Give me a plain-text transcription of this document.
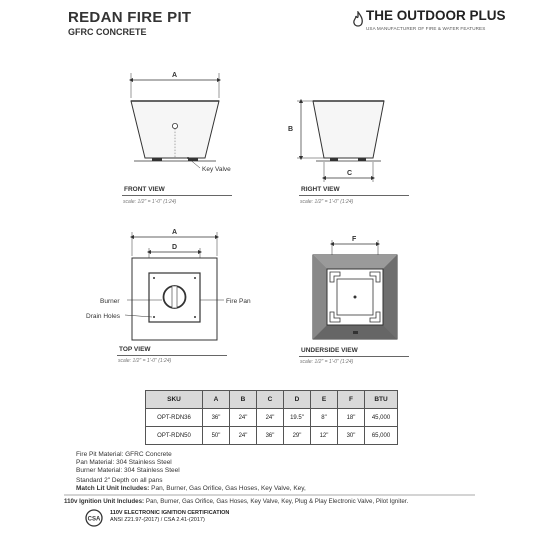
REDAN FIRE PIT
GFRC CONCRETE
THE OUTDOOR PLUS
USA MANUFACTURER OF FIRE & WATER FEATURES
A
Key Valve
B
C
A
D
Burner
Drain Holes
Fire Pan
F
FRONT VIEW
scale: 1/2" = 1'-0" (1:24)
RIGHT VIEW
scale: 1/2" = 1'-0" (1:24)
TOP VIEW
scale: 1/2" = 1'-0" (1:24)
UNDERSIDE VIEW
scale: 1/2" = 1'-0" (1:24)
SKU	A	B	C	D	E	F	BTU
OPT-RDN36	36"	24"	24"	19.5"	8"	18"	45,000
OPT-RDN50	50"	24"	36"	29"	12"	30"	65,000
Fire Pit Material: GFRC Concrete
Pan Material: 304 Stainless Steel
Burner Material: 304 Stainless Steel
Standard 2" Depth on all pans
Match Lit Unit Includes: Pan, Burner, Gas Orifice, Gas Hoses, Key Valve, Key,
110v Ignition Unit Includes: Pan, Burner, Gas Orifice, Gas Hoses, Key Valve, Key, Plug & Play Electronic Valve, Pilot Igniter.
CSA
110V ELECTRONIC IGNITION CERTIFICATION
ANSI Z21.97-(2017) / CSA 2.41-(2017)
